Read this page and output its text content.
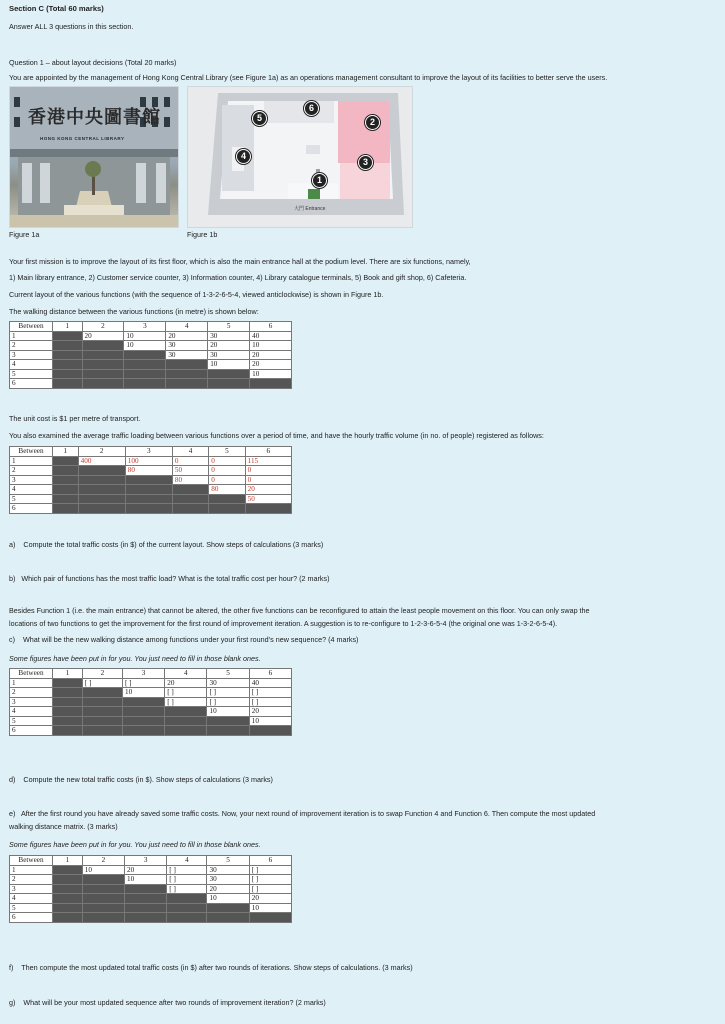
Section C (Total 60 marks)
Answer ALL 3 questions in this section.
Question 1 – about layout decisions (Total 20 marks)
You are appointed by the management of Hong Kong Central Library (see Figure 1a) as an operations management consultant to improve the layout of its facilities to better serve the users.
香港中央圖書館
HONG KONG CENTRAL LIBRARY
Figure 1a
5
6
2
4
3
1
大門 Entrance
Figure 1b
Your first mission is to improve the layout of its first floor, which is also the main entrance hall at the podium level. There are six functions, namely,
1) Main library entrance, 2) Customer service counter, 3) Information counter, 4) Library catalogue terminals, 5) Book and gift shop, 6) Cafeteria.
Current layout of the various functions (with the sequence of 1-3-2-6-5-4, viewed anticlockwise) is shown in Figure 1b.
The walking distance between the various functions (in metre) is shown below:
Between	1	2	3	4	5	6
1		20	10	20	30	40
2			10	30	20	10
3				30	30	20
4					10	20
5						10
6						
The unit cost is $1 per metre of transport.
You also examined the average traffic loading between various functions over a period of time, and have the hourly traffic volume (in no. of people) registered as follows:
Between	1	2	3	4	5	6
1		400	100	0	0	115
2			80	50	0	0
3				80	0	0
4					80	20
5						50
6						
a)    Compute the total traffic costs (in $) of the current layout. Show steps of calculations (3 marks)
b)   Which pair of functions has the most traffic load? What is the total traffic cost per hour? (2 marks)
Besides Function 1 (i.e. the main entrance) that cannot be altered, the other five functions can be reconfigured to attain the least people movement on this floor. You can only swap the
locations of two functions to get the improvement for the first round of improvement iteration. A suggestion is to re-configure to 1-2-3-6-5-4 (the original one was 1-3-2-6-5-4).
c)    What will be the new walking distance among functions under your first round’s new sequence? (4 marks)
Some figures have been put in for you. You just need to fill in those blank ones.
Between	1	2	3	4	5	6
1		[ ]	[ ]	20	30	40
2			10	[ ]	[ ]	[ ]
3				[ ]	[ ]	[ ]
4					10	20
5						10
6						
d)    Compute the new total traffic costs (in $). Show steps of calculations (3 marks)
e)   After the first round you have already saved some traffic costs. Now, your next round of improvement iteration is to swap Function 4 and Function 6. Then compute the most updated
walking distance matrix. (3 marks)
Some figures have been put in for you. You just need to fill in those blank ones.
Between	1	2	3	4	5	6
1		10	20	[ ]	30	[ ]
2			10	[ ]	30	[ ]
3				[ ]	20	[ ]
4					10	20
5						10
6						
f)    Then compute the most updated total traffic costs (in $) after two rounds of iterations. Show steps of calculations. (3 marks)
g)    What will be your most updated sequence after two rounds of improvement iteration? (2 marks)
